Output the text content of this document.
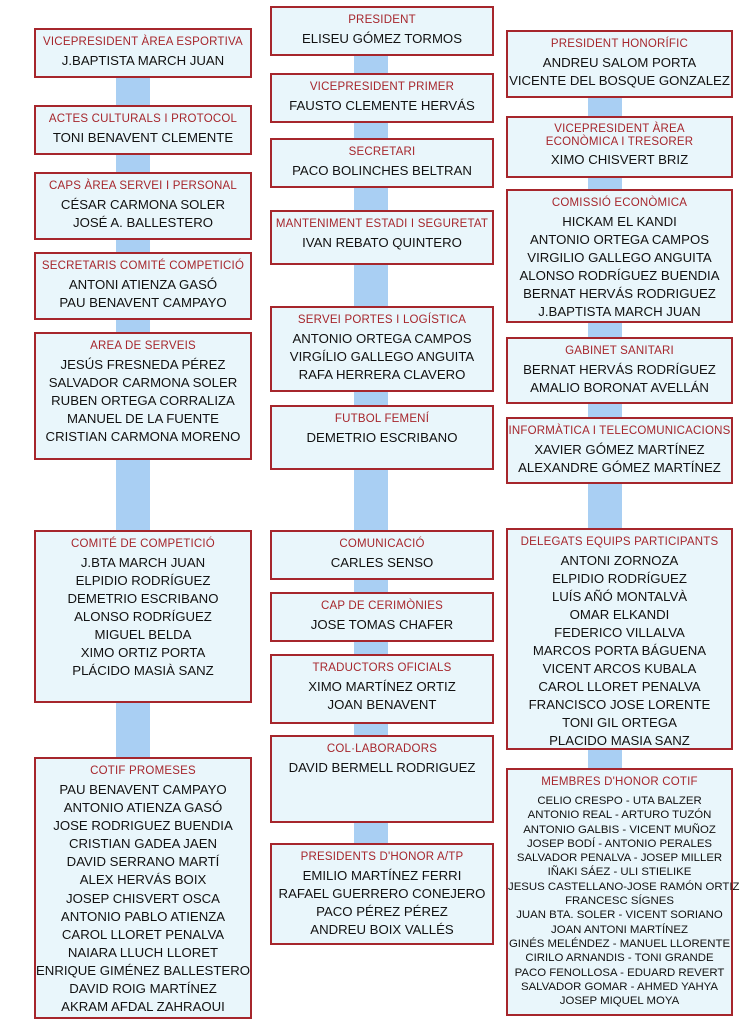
VICEPRESIDENT ÀREA ESPORTIVA
J.BAPTISTA MARCH JUAN
ACTES CULTURALS I PROTOCOL
TONI BENAVENT CLEMENTE
CAPS ÀREA SERVEI I PERSONAL
CÉSAR CARMONA SOLER
JOSÉ A. BALLESTERO
SECRETARIS COMITÉ COMPETICIÓ
ANTONI ATIENZA GASÓ
PAU BENAVENT CAMPAYO
AREA DE SERVEIS
JESÚS FRESNEDA PÉREZ
SALVADOR CARMONA SOLER
RUBEN ORTEGA CORRALIZA
MANUEL DE LA FUENTE
CRISTIAN CARMONA MORENO
COMITÉ DE COMPETICIÓ
J.BTA MARCH JUAN
ELPIDIO RODRÍGUEZ
DEMETRIO ESCRIBANO
ALONSO RODRÍGUEZ
MIGUEL BELDA
XIMO ORTIZ PORTA
PLÁCIDO MASIÀ SANZ
COTIF PROMESES
PAU BENAVENT CAMPAYO
ANTONIO ATIENZA GASÓ
JOSE RODRIGUEZ BUENDIA
CRISTIAN GADEA JAEN
DAVID SERRANO MARTÍ
ALEX HERVÁS BOIX
JOSEP CHISVERT OSCA
ANTONIO PABLO ATIENZA
CAROL LLORET PENALVA
NAIARA LLUCH LLORET
ENRIQUE GIMÉNEZ BALLESTERO
DAVID ROIG MARTÍNEZ
AKRAM AFDAL ZAHRAOUI
PRESIDENT
ELISEU GÓMEZ TORMOS
VICEPRESIDENT PRIMER
FAUSTO CLEMENTE HERVÁS
SECRETARI
PACO BOLINCHES BELTRAN
MANTENIMENT ESTADI I SEGURETAT
IVAN REBATO QUINTERO
SERVEI PORTES I LOGÍSTICA
ANTONIO ORTEGA CAMPOS
VIRGÍLIO GALLEGO ANGUITA
RAFA HERRERA CLAVERO
FUTBOL FEMENÍ
DEMETRIO ESCRIBANO
COMUNICACIÓ
CARLES SENSO
CAP DE CERIMÒNIES
JOSE TOMAS CHAFER
TRADUCTORS OFICIALS
XIMO MARTÍNEZ ORTIZ
JOAN BENAVENT
COL·LABORADORS
DAVID BERMELL RODRIGUEZ
PRESIDENTS D'HONOR A/TP
EMILIO MARTÍNEZ FERRI
RAFAEL GUERRERO CONEJERO
PACO PÉREZ PÉREZ
ANDREU BOIX VALLÉS
PRESIDENT HONORÍFIC
ANDREU SALOM PORTA
VICENTE DEL BOSQUE GONZALEZ
VICEPRESIDENT ÀREA ECONÒMICA I TRESORER
XIMO CHISVERT BRIZ
COMISSIÓ ECONÒMICA
HICKAM EL KANDI
ANTONIO ORTEGA CAMPOS
VIRGILIO GALLEGO ANGUITA
ALONSO RODRÍGUEZ BUENDIA
BERNAT HERVÁS RODRIGUEZ
J.BAPTISTA MARCH JUAN
GABINET SANITARI
BERNAT HERVÁS RODRÍGUEZ
AMALIO BORONAT AVELLÁN
INFORMÀTICA I TELECOMUNICACIONS
XAVIER GÓMEZ MARTÍNEZ
ALEXANDRE GÓMEZ MARTÍNEZ
DELEGATS EQUIPS PARTICIPANTS
ANTONI ZORNOZA
ELPIDIO RODRÍGUEZ
LUÍS AÑÓ MONTALVÀ
OMAR ELKANDI
FEDERICO VILLALVA
MARCOS PORTA BÁGUENA
VICENT ARCOS KUBALA
CAROL LLORET PENALVA
FRANCISCO JOSE LORENTE
TONI GIL ORTEGA
PLACIDO MASIA SANZ
MEMBRES D'HONOR COTIF
CELIO CRESPO - UTA BALZER
ANTONIO REAL - ARTURO TUZÓN
ANTONIO GALBIS - VICENT MUÑOZ
JOSEP BODÍ - ANTONIO PERALES
SALVADOR PENALVA - JOSEP MILLER
IÑAKI SÁEZ - ULI STIELIKE
JESUS CASTELLANO-JOSE RAMÓN ORTIZ
FRANCESC SÍGNES
JUAN BTA. SOLER - VICENT SORIANO
JOAN ANTONI MARTÍNEZ
GINÉS MELÉNDEZ - MANUEL LLORENTE
CIRILO ARNANDIS - TONI GRANDE
PACO FENOLLOSA - EDUARD REVERT
SALVADOR GOMAR - AHMED YAHYA
JOSEP MIQUEL MOYA
